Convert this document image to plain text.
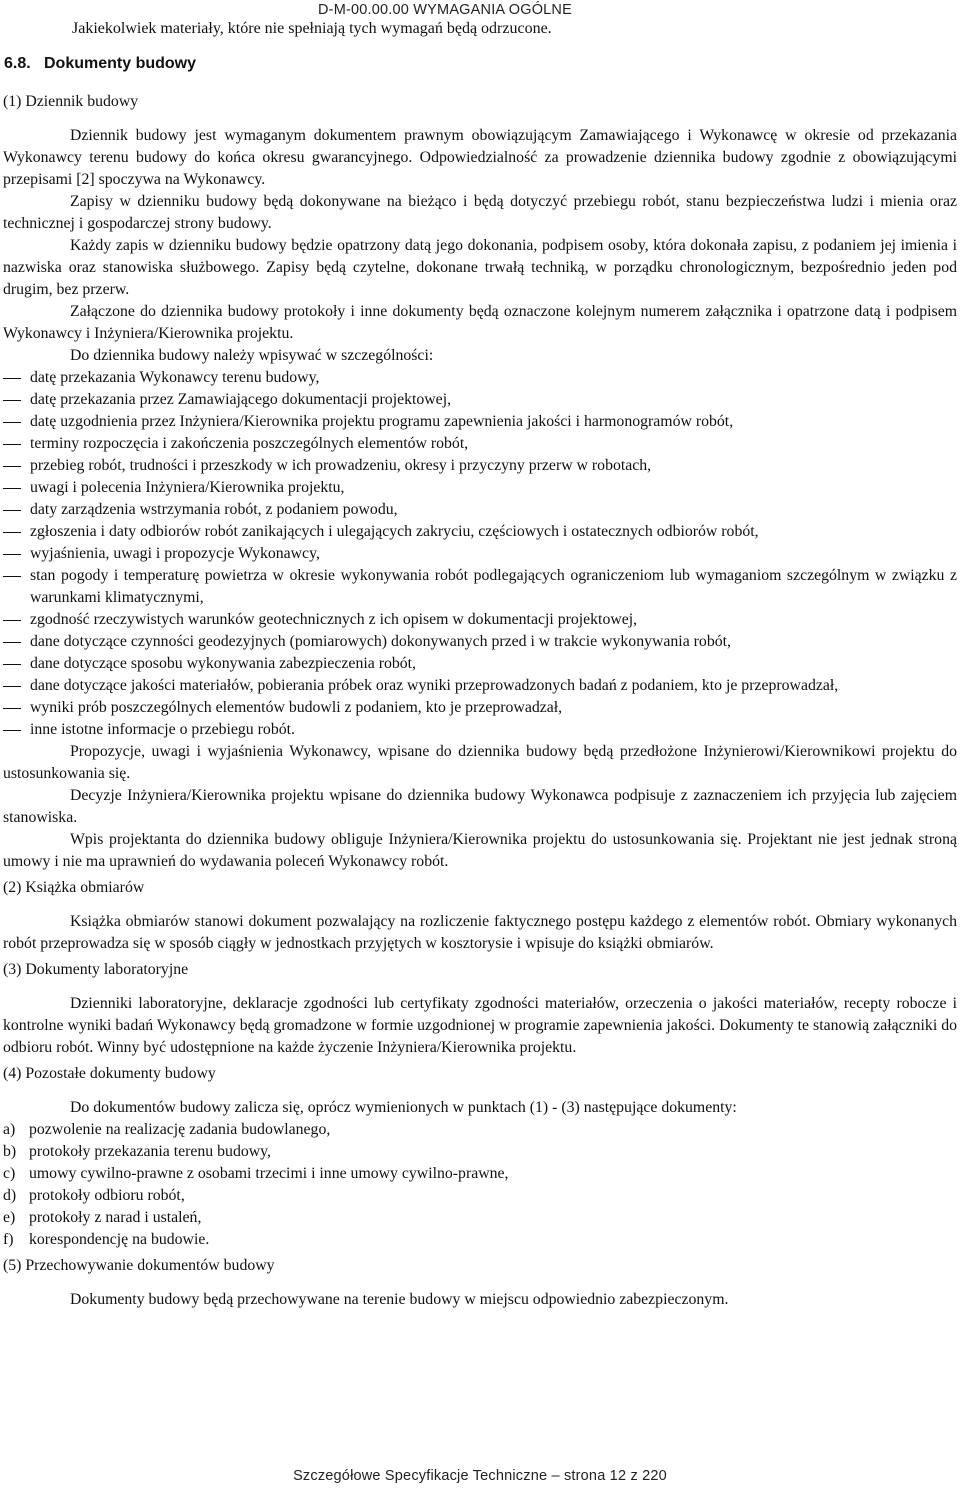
D-M-00.00.00 WYMAGANIA OGÓLNE
Jakiekolwiek materiały, które nie spełniają tych wymagań będą odrzucone.
6.8. Dokumenty budowy
(1) Dziennik budowy

Dziennik budowy jest wymaganym dokumentem prawnym obowiązującym Zamawiającego i Wykonawcę w okresie od przekazania Wykonawcy terenu budowy do końca okresu gwarancyjnego. Odpowiedzialność za prowadzenie dziennika budowy zgodnie z obowiązującymi przepisami [2] spoczywa na Wykonawcy.

Zapisy w dzienniku budowy będą dokonywane na bieżąco i będą dotyczyć przebiegu robót, stanu bezpieczeństwa ludzi i mienia oraz technicznej i gospodarczej strony budowy.

Każdy zapis w dzienniku budowy będzie opatrzony datą jego dokonania, podpisem osoby, która dokonała zapisu, z podaniem jej imienia i nazwiska oraz stanowiska służbowego. Zapisy będą czytelne, dokonane trwałą techniką, w porządku chronologicznym, bezpośrednio jeden pod drugim, bez przerw.

Załączone do dziennika budowy protokoły i inne dokumenty będą oznaczone kolejnym numerem załącznika i opatrzone datą i podpisem Wykonawcy i Inżyniera/Kierownika projektu.

Do dziennika budowy należy wpisywać w szczególności:

datę przekazania Wykonawcy terenu budowy,
datę przekazania przez Zamawiającego dokumentacji projektowej,
datę uzgodnienia przez Inżyniera/Kierownika projektu programu zapewnienia jakości i harmonogramów robót,
terminy rozpoczęcia i zakończenia poszczególnych elementów robót,
przebieg robót, trudności i przeszkody w ich prowadzeniu, okresy i przyczyny przerw w robotach,
uwagi i polecenia Inżyniera/Kierownika projektu,
daty zarządzenia wstrzymania robót, z podaniem powodu,
zgłoszenia i daty odbiorów robót zanikających i ulegających zakryciu, częściowych i ostatecznych odbiorów robót,
wyjaśnienia, uwagi i propozycje Wykonawcy,
stan pogody i temperaturę powietrza w okresie wykonywania robót podlegających ograniczeniom lub wymaganiom szczególnym w związku z warunkami klimatycznymi,
zgodność rzeczywistych warunków geotechnicznych z ich opisem w dokumentacji projektowej,
dane dotyczące czynności geodezyjnych (pomiarowych) dokonywanych przed i w trakcie wykonywania robót,
dane dotyczące sposobu wykonywania zabezpieczenia robót,
dane dotyczące jakości materiałów, pobierania próbek oraz wyniki przeprowadzonych badań z podaniem, kto je przeprowadzał,
wyniki prób poszczególnych elementów budowli z podaniem, kto je przeprowadzał,
inne istotne informacje o przebiegu robót.

Propozycje, uwagi i wyjaśnienia Wykonawcy, wpisane do dziennika budowy będą przedłożone Inżynierowi/Kierownikowi projektu do ustosunkowania się.

Decyzje Inżyniera/Kierownika projektu wpisane do dziennika budowy Wykonawca podpisuje z zaznaczeniem ich przyjęcia lub zajęciem stanowiska.

Wpis projektanta do dziennika budowy obliguje Inżyniera/Kierownika projektu do ustosunkowania się. Projektant nie jest jednak stroną umowy i nie ma uprawnień do wydawania poleceń Wykonawcy robót.

(2) Książka obmiarów

Książka obmiarów stanowi dokument pozwalający na rozliczenie faktycznego postępu każdego z elementów robót. Obmiary wykonanych robót przeprowadza się w sposób ciągły w jednostkach przyjętych w kosztorysie i wpisuje do książki obmiarów.

(3) Dokumenty laboratoryjne

Dzienniki laboratoryjne, deklaracje zgodności lub certyfikaty zgodności materiałów, orzeczenia o jakości materiałów, recepty robocze i kontrolne wyniki badań Wykonawcy będą gromadzone w formie uzgodnionej w programie zapewnienia jakości. Dokumenty te stanowią załączniki do odbioru robót. Winny być udostępnione na każde życzenie Inżyniera/Kierownika projektu.

(4) Pozostałe dokumenty budowy

Do dokumentów budowy zalicza się, oprócz wymienionych w punktach (1) - (3) następujące dokumenty:

a) pozwolenie na realizację zadania budowlanego,
b) protokoły przekazania terenu budowy,
c) umowy cywilno-prawne z osobami trzecimi i inne umowy cywilno-prawne,
d) protokoły odbioru robót,
e) protokoły z narad i ustaleń,
f) korespondencję na budowie.
(5) Przechowywanie dokumentów budowy

Dokumenty budowy będą przechowywane na terenie budowy w miejscu odpowiednio zabezpieczonym.

Szczegółowe Specyfikacje Techniczne – strona 12 z 220
